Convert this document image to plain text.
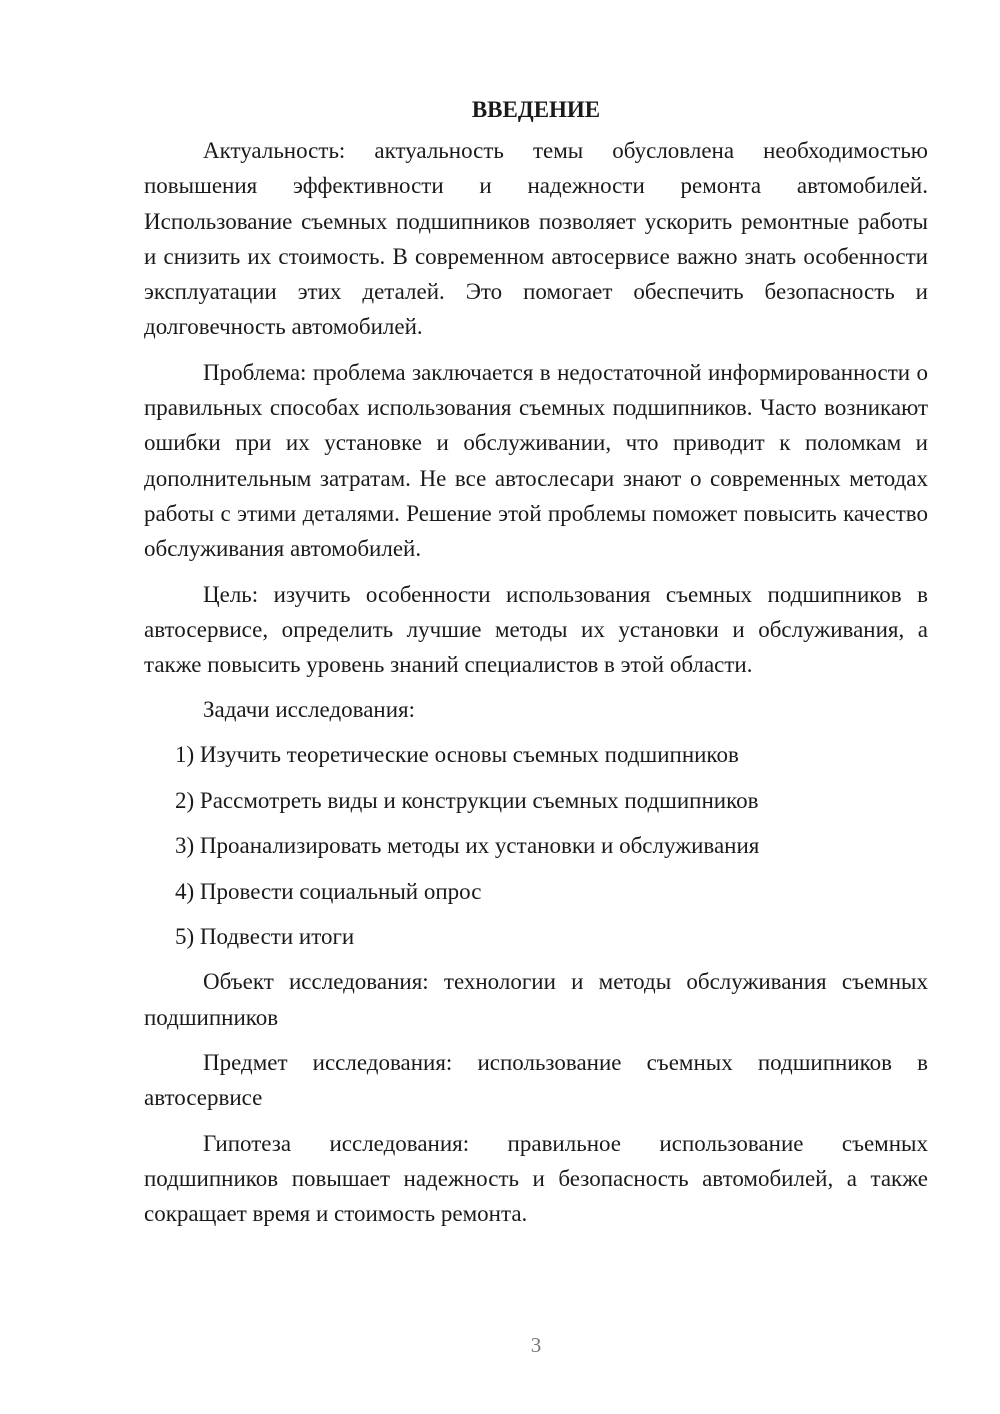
ВВЕДЕНИЕ

Актуальность: актуальность темы обусловлена необходимостью повышения эффективности и надежности ремонта автомобилей. Использование съемных подшипников позволяет ускорить ремонтные работы и снизить их стоимость. В современном автосервисе важно знать особенности эксплуатации этих деталей. Это помогает обеспечить безопасность и долговечность автомобилей.

Проблема: проблема заключается в недостаточной информированности о правильных способах использования съемных подшипников. Часто возникают ошибки при их установке и обслуживании, что приводит к поломкам и дополнительным затратам. Не все автослесари знают о современных методах работы с этими деталями. Решение этой проблемы поможет повысить качество обслуживания автомобилей.

Цель: изучить особенности использования съемных подшипников в автосервисе, определить лучшие методы их установки и обслуживания, а также повысить уровень знаний специалистов в этой области.

Задачи исследования:

1) Изучить теоретические основы съемных подшипников
2) Рассмотреть виды и конструкции съемных подшипников
3) Проанализировать методы их установки и обслуживания
4) Провести социальный опрос
5) Подвести итоги

Объект исследования: технологии и методы обслуживания съемных подшипников

Предмет исследования: использование съемных подшипников в автосервисе

Гипотеза исследования: правильное использование съемных подшипников повышает надежность и безопасность автомобилей, а также сокращает время и стоимость ремонта.

3
